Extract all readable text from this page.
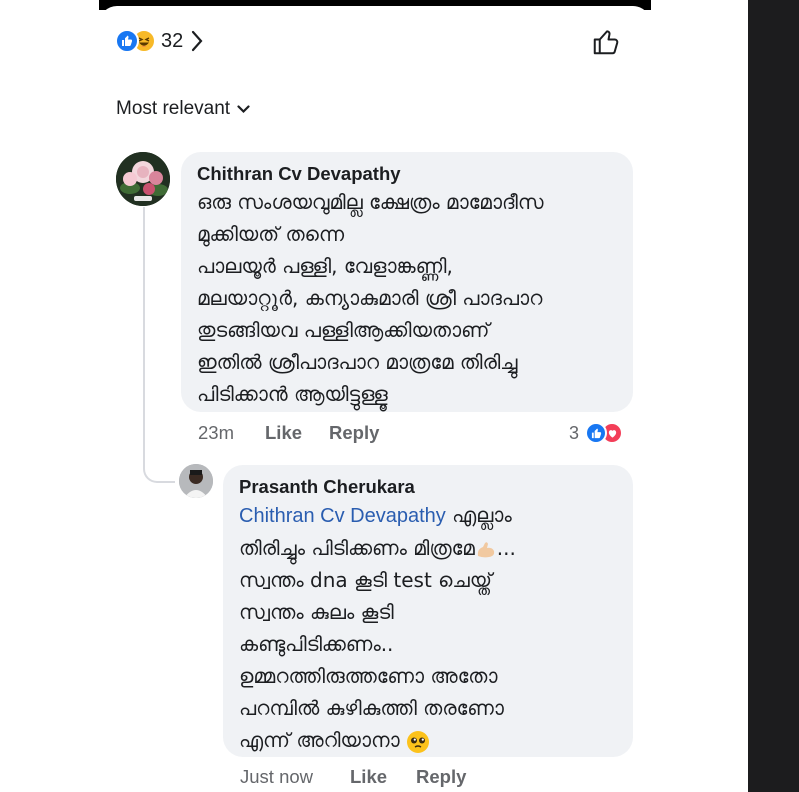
32
Most relevant
Chithran Cv Devapathy
ഒരു സംശയവുമില്ല ക്ഷേത്രം മാമോദീസ
മുക്കിയത് തന്നെ
പാലയൂർ പള്ളി, വേളാങ്കണ്ണി,
മലയാറ്റൂർ, കന്യാകുമാരി ശ്രീ പാദപാറ
തുടങ്ങിയവ പള്ളിആക്കിയതാണ്
ഇതിൽ ശ്രീപാദപാറ മാത്രമേ തിരിച്ചു
പിടിക്കാൻ ആയിട്ടുള്ളൂ
23m	Like	Reply	3
Prasanth Cherukara
Chithran Cv Devapathy എല്ലാം
തിരിച്ചും പിടിക്കണം മിത്രമേ ...
സ്വന്തം dna കൂടി test ചെയ്ത്
സ്വന്തം കുലം കൂടി
കണ്ടുപിടിക്കണം..
ഉമ്മറത്തിരുത്തണോ അതോ
പറമ്പിൽ കുഴികുത്തി തരണോ
എന്ന് അറിയാനാ
Just now	Like	Reply
